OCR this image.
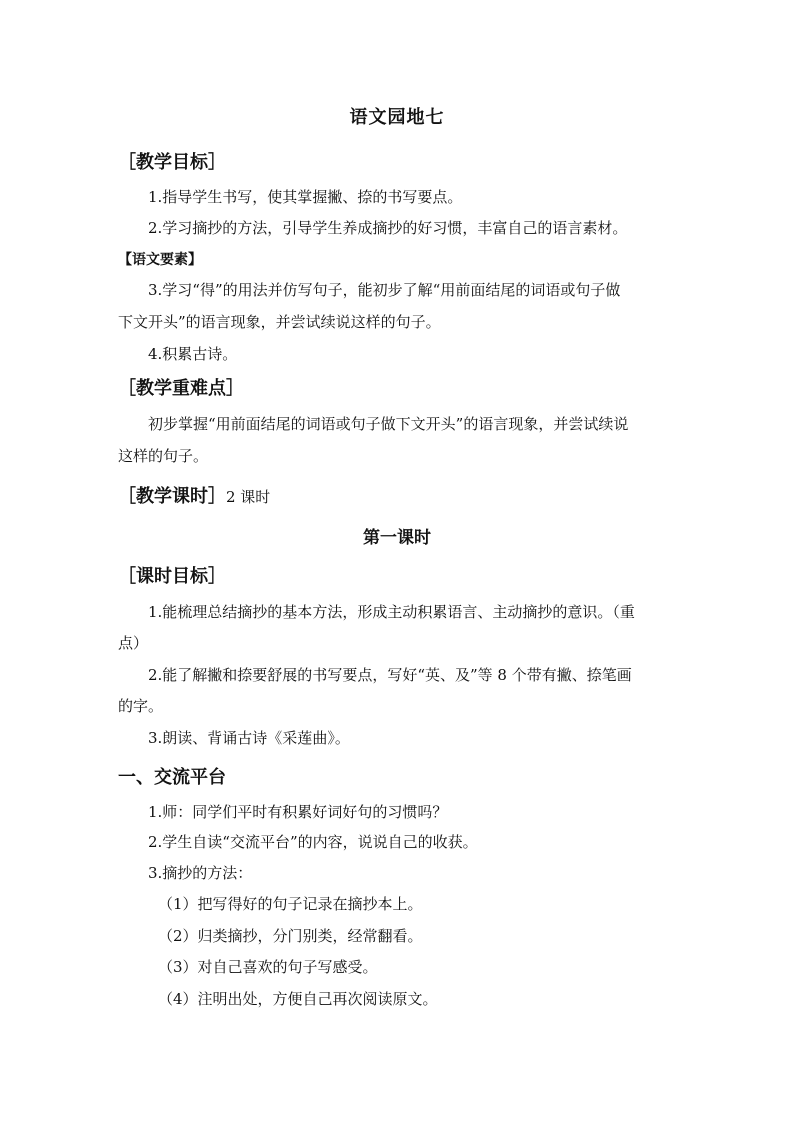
语文园地七
［教学目标］
1.指导学生书写，使其掌握撇、捺的书写要点。
2.学习摘抄的方法，引导学生养成摘抄的好习惯，丰富自己的语言素材。
【语文要素】
3.学习“得”的用法并仿写句子，能初步了解“用前面结尾的词语或句子做
下文开头”的语言现象，并尝试续说这样的句子。
4.积累古诗。
［教学重难点］
初步掌握“用前面结尾的词语或句子做下文开头”的语言现象，并尝试续说
这样的句子。
［教学课时］2 课时
第一课时
［课时目标］
1.能梳理总结摘抄的基本方法，形成主动积累语言、主动摘抄的意识。（重
点）
2.能了解撇和捺要舒展的书写要点，写好“英、及”等 8 个带有撇、捺笔画
的字。
3.朗读、背诵古诗《采莲曲》。
一、交流平台
1.师：同学们平时有积累好词好句的习惯吗？
2.学生自读“交流平台”的内容，说说自己的收获。
3.摘抄的方法：
（1）把写得好的句子记录在摘抄本上。
（2）归类摘抄，分门别类，经常翻看。
（3）对自己喜欢的句子写感受。
（4）注明出处，方便自己再次阅读原文。
